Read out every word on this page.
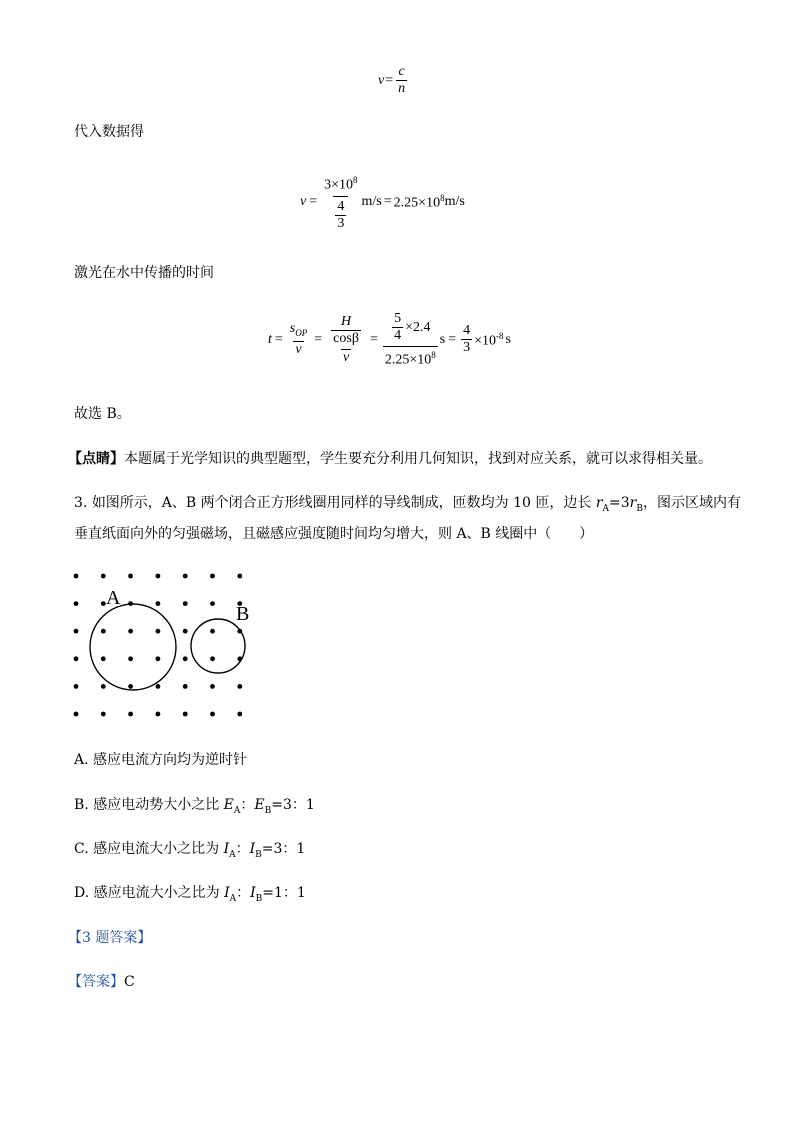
$v = \frac{c}{n}$
代入数据得
$v = \frac{3\times 10^8}{\frac{4}{3}} m/s = 2.25\times 10^8$ m/s
激光在水中传播的时间
$t = \frac{s_{OP}}{v} = \frac{\frac{H}{\cos\beta}}{v} = \frac{\frac{5}{4} \times 2.4}{2.25\times 10^8}$ $s = \frac{4}{3} \times 10^{-8}$ s
故选 B。
【点睛】本题属于光学知识的典型题型，学生要充分利用几何知识，找到对应关系，就可以求得相关量。
3. 如图所示，A、B 两个闭合正方形线圈用同样的导线制成，匝数均为 10 匝，边长 $r_A=3r_B$，图示区域内有
垂直纸面向外的匀强磁场，且磁感应强度随时间均匀增大，则 A、B 线圈中（　　）
A
B
A. 感应电流方向均为逆时针
B. 感应电动势大小之比 $E_A$：$E_B=3$：1
C. 感应电流大小之比为 $I_A$：$I_B=3$：1
D. 感应电流大小之比为 $I_A$：$I_B=1$：1
【3 题答案】
【答案】C
